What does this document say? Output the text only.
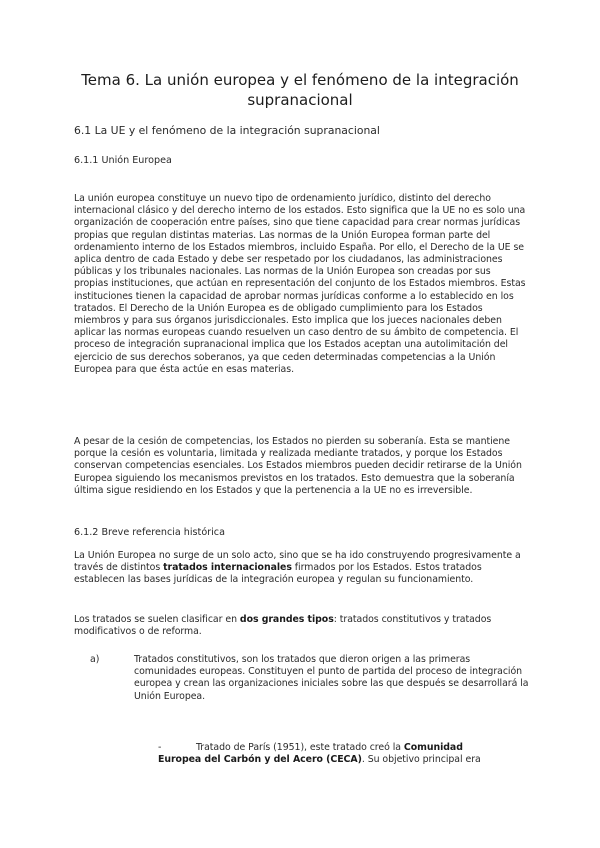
Tema 6. La unión europea y el fenómeno de la integración supranacional
6.1 La UE y el fenómeno de la integración supranacional
6.1.1 Unión Europea

La unión europea constituye un nuevo tipo de ordenamiento jurídico, distinto del derecho internacional clásico y del derecho interno de los estados. Esto significa que la UE no es solo una organización de cooperación entre países, sino que tiene capacidad para crear normas jurídicas propias que regulan distintas materias. Las normas de la Unión Europea forman parte del ordenamiento interno de los Estados miembros, incluido España. Por ello, el Derecho de la UE se aplica dentro de cada Estado y debe ser respetado por los ciudadanos, las administraciones públicas y los tribunales nacionales. Las normas de la Unión Europea son creadas por sus propias instituciones, que actúan en representación del conjunto de los Estados miembros. Estas instituciones tienen la capacidad de aprobar normas jurídicas conforme a lo establecido en los tratados. El Derecho de la Unión Europea es de obligado cumplimiento para los Estados miembros y para sus órganos jurisdiccionales. Esto implica que los jueces nacionales deben aplicar las normas europeas cuando resuelven un caso dentro de su ámbito de competencia. El proceso de integración supranacional implica que los Estados aceptan una autolimitación del ejercicio de sus derechos soberanos, ya que ceden determinadas competencias a la Unión Europea para que ésta actúe en esas materias.

A pesar de la cesión de competencias, los Estados no pierden su soberanía. Esta se mantiene porque la cesión es voluntaria, limitada y realizada mediante tratados, y porque los Estados conservan competencias esenciales. Los Estados miembros pueden decidir retirarse de la Unión Europea siguiendo los mecanismos previstos en los tratados. Esto demuestra que la soberanía última sigue residiendo en los Estados y que la pertenencia a la UE no es irreversible.

6.1.2 Breve referencia histórica

La Unión Europea no surge de un solo acto, sino que se ha ido construyendo progresivamente a través de distintos tratados internacionales firmados por los Estados. Estos tratados establecen las bases jurídicas de la integración europea y regulan su funcionamiento.

Los tratados se suelen clasificar en dos grandes tipos: tratados constitutivos y tratados modificativos o de reforma.

a)	Tratados constitutivos, son los tratados que dieron origen a las primeras comunidades europeas. Constituyen el punto de partida del proceso de integración europea y crean las organizaciones iniciales sobre las que después se desarrollará la Unión Europea.

-	Tratado de París (1951), este tratado creó la Comunidad Europea del Carbón y del Acero (CECA). Su objetivo principal era
